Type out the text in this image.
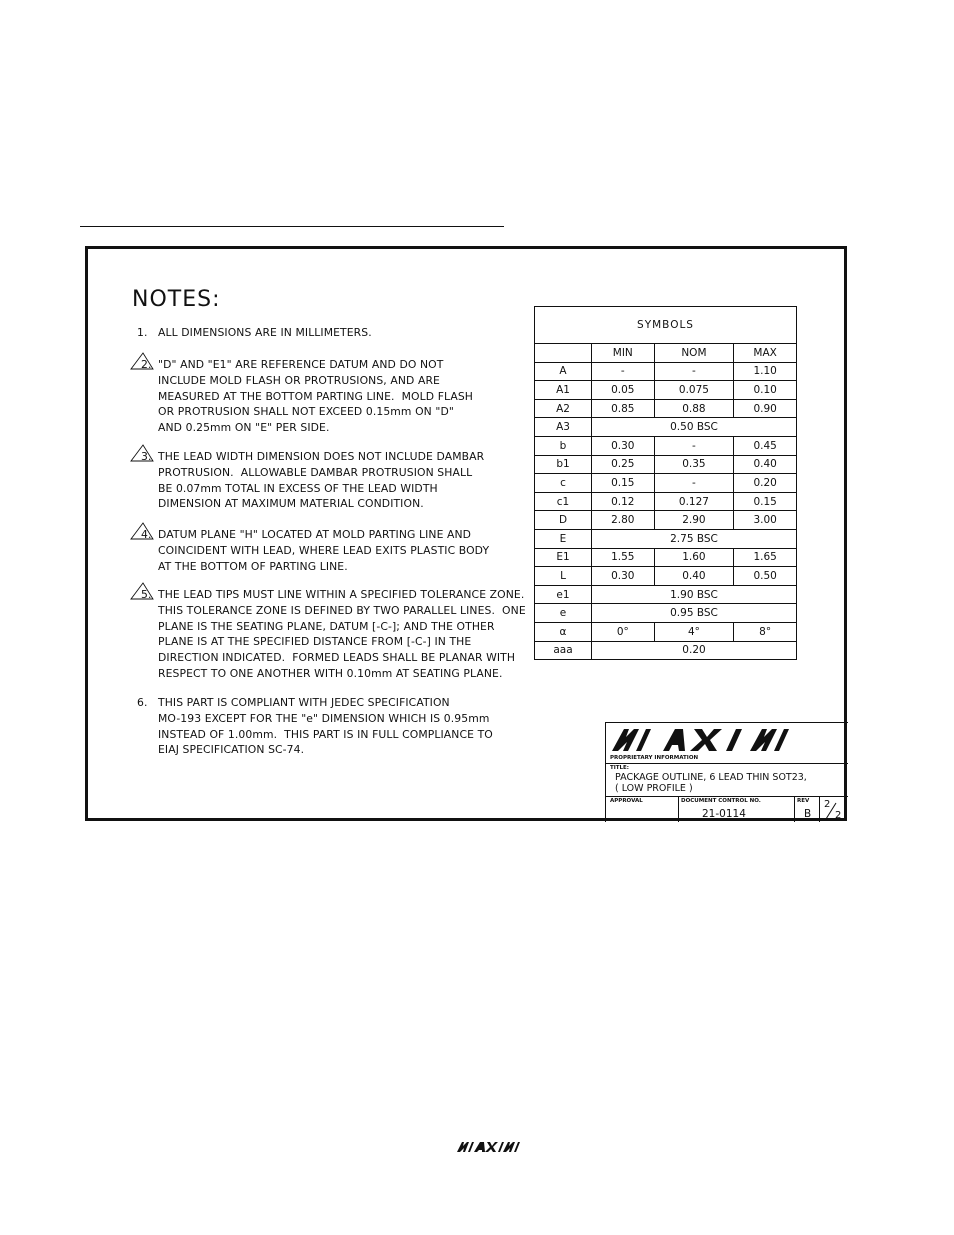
NOTES:
1. ALL DIMENSIONS ARE IN MILLIMETERS.
2. "D" AND "E1" ARE REFERENCE DATUM AND DO NOT
INCLUDE MOLD FLASH OR PROTRUSIONS, AND ARE
MEASURED AT THE BOTTOM PARTING LINE.  MOLD FLASH
OR PROTRUSION SHALL NOT EXCEED 0.15mm ON "D"
AND 0.25mm ON "E" PER SIDE.
3. THE LEAD WIDTH DIMENSION DOES NOT INCLUDE DAMBAR
PROTRUSION.  ALLOWABLE DAMBAR PROTRUSION SHALL
BE 0.07mm TOTAL IN EXCESS OF THE LEAD WIDTH
DIMENSION AT MAXIMUM MATERIAL CONDITION.
4. DATUM PLANE "H" LOCATED AT MOLD PARTING LINE AND
COINCIDENT WITH LEAD, WHERE LEAD EXITS PLASTIC BODY
AT THE BOTTOM OF PARTING LINE.
5. THE LEAD TIPS MUST LINE WITHIN A SPECIFIED TOLERANCE ZONE.
THIS TOLERANCE ZONE IS DEFINED BY TWO PARALLEL LINES.  ONE
PLANE IS THE SEATING PLANE, DATUM [-C-]; AND THE OTHER
PLANE IS AT THE SPECIFIED DISTANCE FROM [-C-] IN THE
DIRECTION INDICATED.  FORMED LEADS SHALL BE PLANAR WITH
RESPECT TO ONE ANOTHER WITH 0.10mm AT SEATING PLANE.
6. THIS PART IS COMPLIANT WITH JEDEC SPECIFICATION
MO-193 EXCEPT FOR THE "e" DIMENSION WHICH IS 0.95mm
INSTEAD OF 1.00mm.  THIS PART IS IN FULL COMPLIANCE TO
EIAJ SPECIFICATION SC-74.
SYMBOLS			
	MIN	NOM	MAX
A	-	-	1.10
A1	0.05	0.075	0.10
A2	0.85	0.88	0.90
A3	0.50 BSC		
b	0.30	-	0.45
b1	0.25	0.35	0.40
c	0.15	-	0.20
c1	0.12	0.127	0.15
D	2.80	2.90	3.00
E	2.75 BSC		
E1	1.55	1.60	1.65
L	0.30	0.40	0.50
e1	1.90 BSC		
e	0.95 BSC		
α	0°	4°	8°
aaa	0.20		
PROPRIETARY INFORMATION
TITLE:
PACKAGE OUTLINE, 6 LEAD THIN SOT23,
( LOW PROFILE )
APPROVAL	DOCUMENT CONTROL NO.
21-0114
REV
B
2
2
